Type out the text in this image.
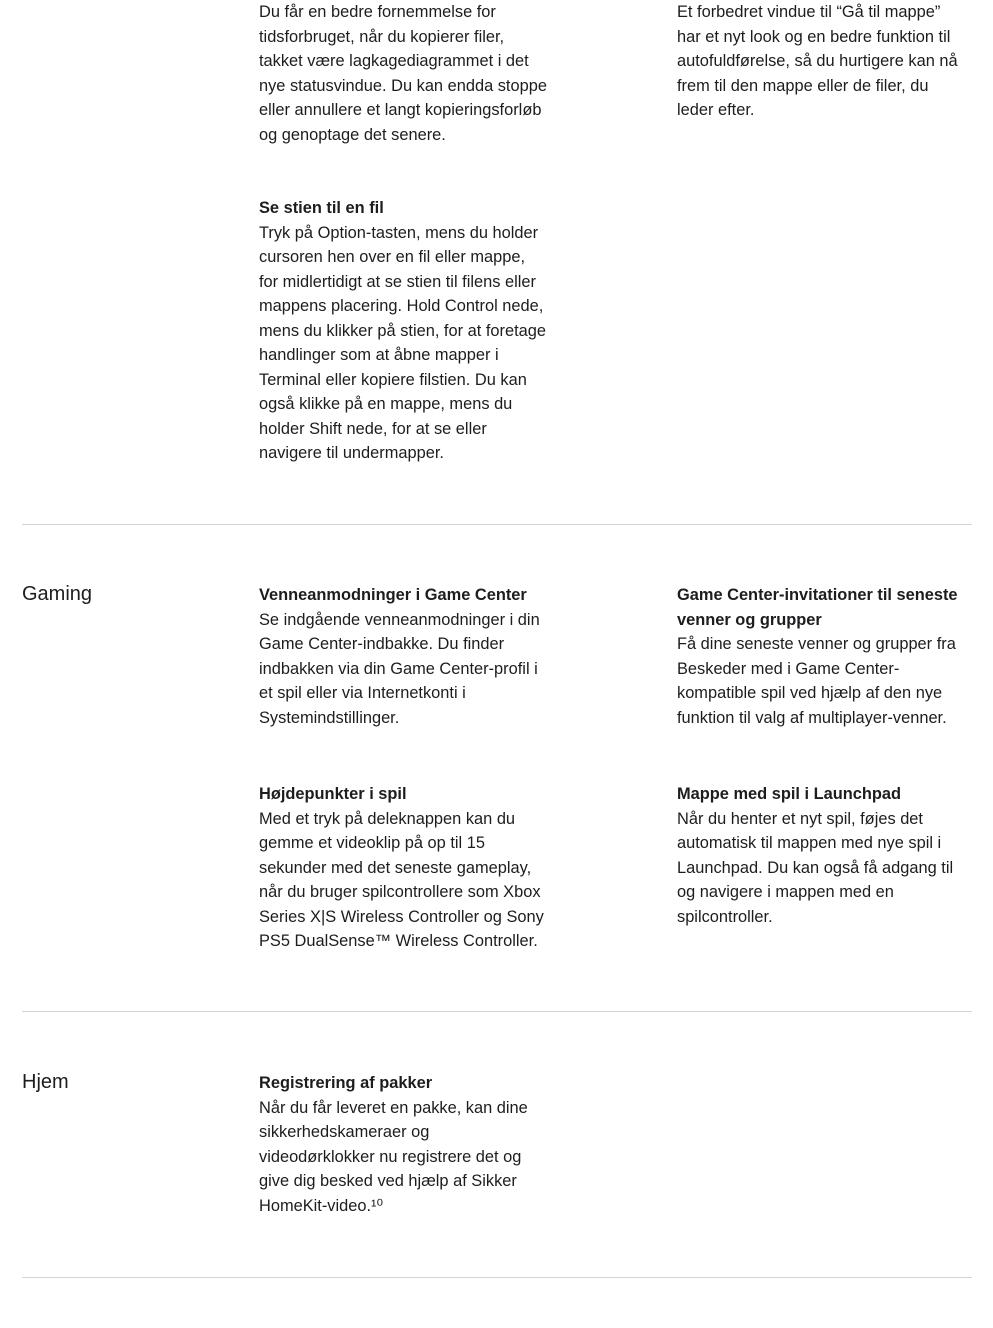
Du får en bedre fornemmelse for
tidsforbruget, når du kopierer filer,
takket være lagkagediagrammet i det
nye statusvindue. Du kan endda stoppe
eller annullere et langt kopieringsforløb
og genoptage det senere.

Et forbedret vindue til “Gå til mappe”
har et nyt look og en bedre funktion til
autofuldførelse, så du hurtigere kan nå
frem til den mappe eller de filer, du
leder efter.

Se stien til en fil

Tryk på Option-tasten, mens du holder
cursoren hen over en fil eller mappe,
for midlertidigt at se stien til filens eller
mappens placering. Hold Control nede,
mens du klikker på stien, for at foretage
handlinger som at åbne mapper i
Terminal eller kopiere filstien. Du kan
også klikke på en mappe, mens du
holder Shift nede, for at se eller
navigere til undermapper.

Gaming	Venneanmodninger i Game Center

Se indgående venneanmodninger i din
Game Center-indbakke. Du finder
indbakken via din Game Center-profil i
et spil eller via Internetkonti i
Systemindstillinger.

Game Center-invitationer til seneste
venner og grupper

Få dine seneste venner og grupper fra
Beskeder med i Game Center-
kompatible spil ved hjælp af den nye
funktion til valg af multiplayer-venner.

Højdepunkter i spil

Med et tryk på deleknappen kan du
gemme et videoklip på op til 15
sekunder med det seneste gameplay,
når du bruger spilcontrollere som Xbox
Series X|S Wireless Controller og Sony
PS5 DualSense™ Wireless Controller.

Mappe med spil i Launchpad

Når du henter et nyt spil, føjes det
automatisk til mappen med nye spil i
Launchpad. Du kan også få adgang til
og navigere i mappen med en
spilcontroller.

Hjem	Registrering af pakker

Når du får leveret en pakke, kan dine
sikkerhedskameraer og
videodørklokker nu registrere det og
give dig besked ved hjælp af Sikker
HomeKit-video.¹⁰
